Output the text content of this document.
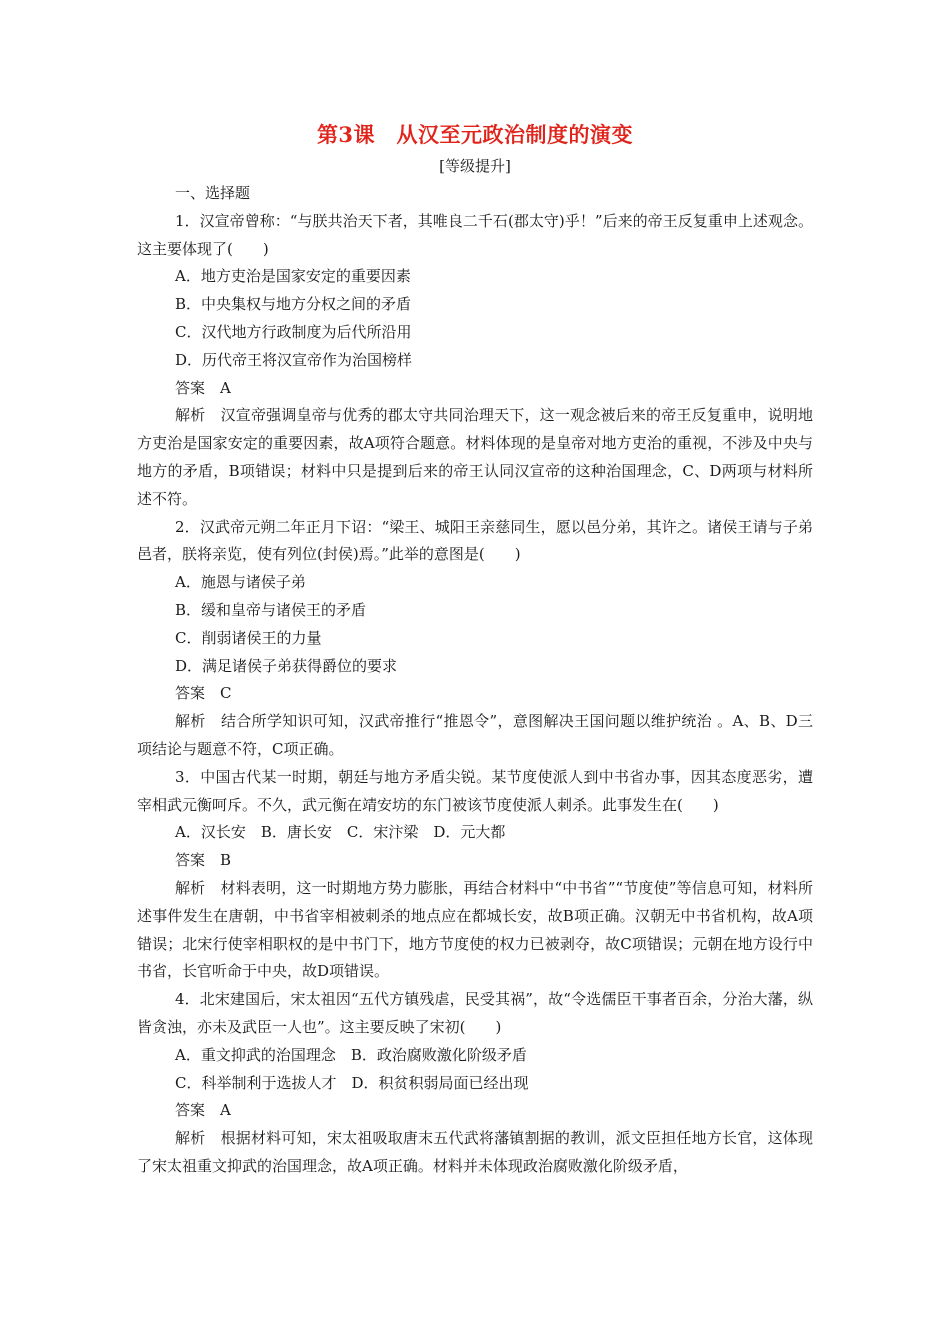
第3课　从汉至元政治制度的演变

[等级提升]

一、选择题

1．汉宣帝曾称：“与朕共治天下者，其唯良二千石(郡太守)乎！”后来的帝王反复重申上述观念。这主要体现了(　　)

A．地方吏治是国家安定的重要因素

B．中央集权与地方分权之间的矛盾

C．汉代地方行政制度为后代所沿用

D．历代帝王将汉宣帝作为治国榜样

答案　A

解析　汉宣帝强调皇帝与优秀的郡太守共同治理天下，这一观念被后来的帝王反复重申，说明地方吏治是国家安定的重要因素，故A项符合题意。材料体现的是皇帝对地方吏治的重视，不涉及中央与地方的矛盾，B项错误；材料中只是提到后来的帝王认同汉宣帝的这种治国理念，C、D两项与材料所述不符。

2．汉武帝元朔二年正月下诏：“梁王、城阳王亲慈同生，愿以邑分弟，其许之。诸侯王请与子弟邑者，朕将亲览，使有列位(封侯)焉。”此举的意图是(　　)

A．施恩与诸侯子弟

B．缓和皇帝与诸侯王的矛盾

C．削弱诸侯王的力量

D．满足诸侯子弟获得爵位的要求

答案　C

解析　结合所学知识可知，汉武帝推行“推恩令”，意图解决王国问题以维护统治 。A、B、D三项结论与题意不符，C项正确。

3．中国古代某一时期，朝廷与地方矛盾尖锐。某节度使派人到中书省办事，因其态度恶劣，遭宰相武元衡呵斥。不久，武元衡在靖安坊的东门被该节度使派人刺杀。此事发生在(　　)

A．汉长安　B．唐长安　C．宋汴梁　D．元大都

答案　B

解析　材料表明，这一时期地方势力膨胀，再结合材料中“中书省”“节度使”等信息可知，材料所述事件发生在唐朝，中书省宰相被刺杀的地点应在都城长安，故B项正确。汉朝无中书省机构，故A项错误；北宋行使宰相职权的是中书门下，地方节度使的权力已被剥夺，故C项错误；元朝在地方设行中书省，长官听命于中央，故D项错误。

4．北宋建国后，宋太祖因“五代方镇残虐，民受其祸”，故“令选儒臣干事者百余，分治大藩，纵皆贪浊，亦未及武臣一人也”。这主要反映了宋初(　　)

A．重文抑武的治国理念　B．政治腐败激化阶级矛盾

C．科举制利于选拔人才　D．积贫积弱局面已经出现

答案　A

解析　根据材料可知，宋太祖吸取唐末五代武将藩镇割据的教训，派文臣担任地方长官，这体现了宋太祖重文抑武的治国理念，故A项正确。材料并未体现政治腐败激化阶级矛盾，
